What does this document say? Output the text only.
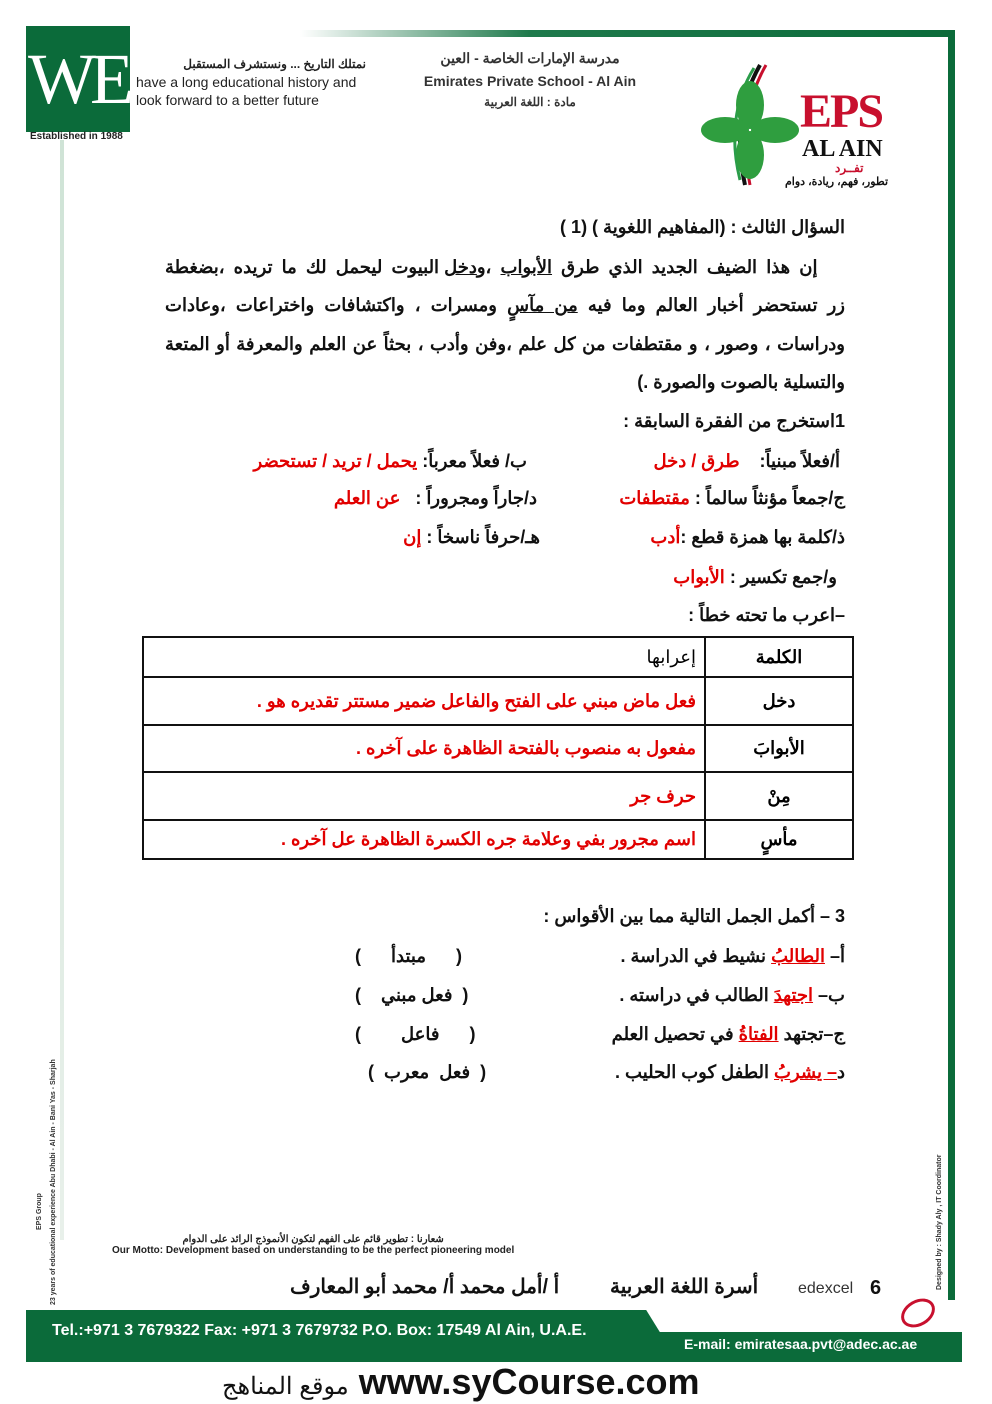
WE
Established in 1988
نمتلك التاريخ ... ونستشرف المستقبل
have a long educational history and
look forward to a better future
مدرسة الإمارات الخاصة - العين
Emirates Private School - Al Ain
مادة : اللغة العربية	EPS
AL AIN
تفــرد
تطور، فهم، ريادة، دوام
السؤال الثالث : (المفاهيم اللغوية ) (1 )
إن هذا الضيف الجديد الذي طرق الأبواب ،ودخل البيوت ليحمل لك ما تريده ،بضغطة
زر تستحضر أخبار العالم وما فيه من مآسٍ ومسرات ، واكتشافات واختراعات ،وعادات
ودراسات ، وصور ، و مقتطفات من كل علم ،وفن وأدب ، بحثاً عن العلم والمعرفة أو المتعة
والتسلية بالصوت والصورة .)
1استخرج من الفقرة السابقة :
أ/فعلاً مبنياً:    طرق / دخل
ب/ فعلاً معرباً: يحمل / تريد / تستحضر
ج/جمعاً مؤنثاً سالماً : مقتطفات
د/جاراً ومجروراً :   عن العلم
ذ/كلمة بها همزة قطع :أدب
هـ/حرفاً ناسخاً : إن
و/جمع تكسير : الأبواب
–اعرب ما تحته خطاً :
الكلمة	إعرابها
دخل	فعل ماض مبني على الفتح والفاعل ضمير مستتر تقديره هو .
الأبوابَ	مفعول به منصوب بالفتحة الظاهرة على آخره .
مِنْ	حرف جر
مأسٍ	اسم مجرور بفي وعلامة جره الكسرة الظاهرة عل آخره .
3 – أكمل الجمل التالية مما بين الأقواس :
أ– الطالبُ نشيط في الدراسة .
(      مبتدأ      )
ب– اجتهدَ الطالب في دراسته .
(  فعل مبني    )
ج–تجتهد الفتاةُ في تحصيل العلم
(      فاعل        )
د– يشربُ الطفل كوب الحليب .
(  فعل  معرب  )
EPS Group 23 years of educational experience Abu Dhabi - Al Ain - Bani Yas - Sharjah	Designed by : Shady Aly , IT Coordinator
شعارنا : تطوير قائم على الفهم لتكون الأنموذج الرائد على الدوام
Our Motto: Development based on understanding to be the perfect pioneering model
أ /أمل محمد أ/ محمد أبو المعارف	أسرة اللغة العربية edexcel 6
Tel.:+971 3 7679322 Fax: +971 3 7679732 P.O. Box: 17549 Al Ain, U.A.E.
E-mail: emiratesaa.pvt@adec.ac.ae
موقع المناهج www.syCourse.com
